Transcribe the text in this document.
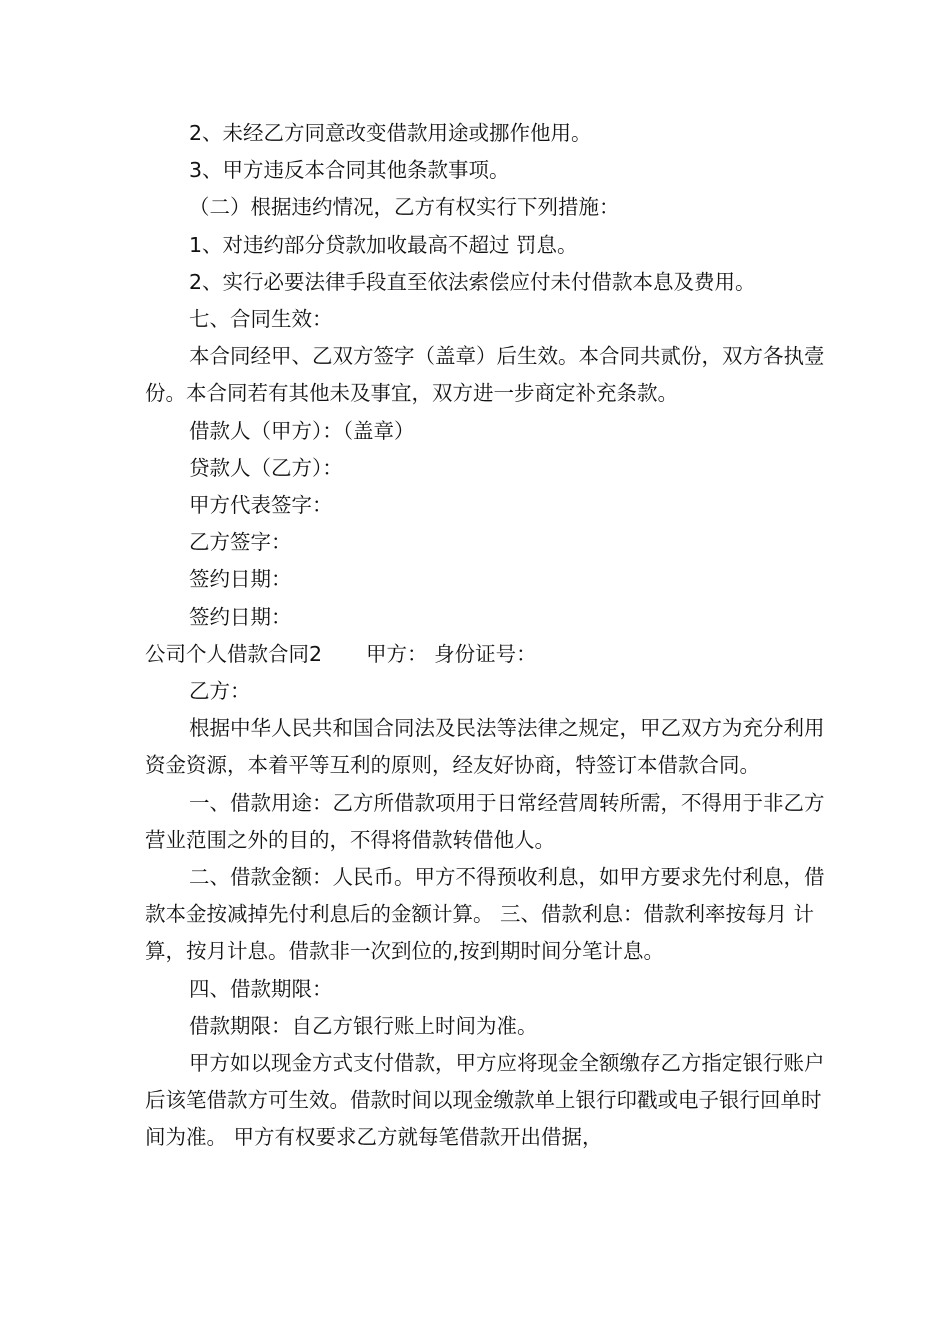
2、未经乙方同意改变借款用途或挪作他用。

3、甲方违反本合同其他条款事项。

（二）根据违约情况，乙方有权实行下列措施：

1、对违约部分贷款加收最高不超过 罚息。

2、实行必要法律手段直至依法索偿应付未付借款本息及费用。

七、合同生效：

本合同经甲、乙双方签字（盖章）后生效。本合同共贰份，双方各执壹份。本合同若有其他未及事宜，双方进一步商定补充条款。

借款人（甲方）：（盖章）

贷款人（乙方）：

甲方代表签字：

乙方签字：

签约日期：

签约日期：

公司个人借款合同2 甲方： 身份证号：

乙方：

根据中华人民共和国合同法及民法等法律之规定，甲乙双方为充分利用资金资源，本着平等互利的原则，经友好协商，特签订本借款合同。

一、借款用途：乙方所借款项用于日常经营周转所需，不得用于非乙方营业范围之外的目的，不得将借款转借他人。

二、借款金额：人民币。甲方不得预收利息，如甲方要求先付利息，借款本金按减掉先付利息后的金额计算。 三、借款利息：借款利率按每月 计算，按月计息。借款非一次到位的,按到期时间分笔计息。

四、借款期限：

借款期限：自乙方银行账上时间为准。

甲方如以现金方式支付借款，甲方应将现金全额缴存乙方指定银行账户后该笔借款方可生效。借款时间以现金缴款单上银行印戳或电子银行回单时间为准。 甲方有权要求乙方就每笔借款开出借据，
